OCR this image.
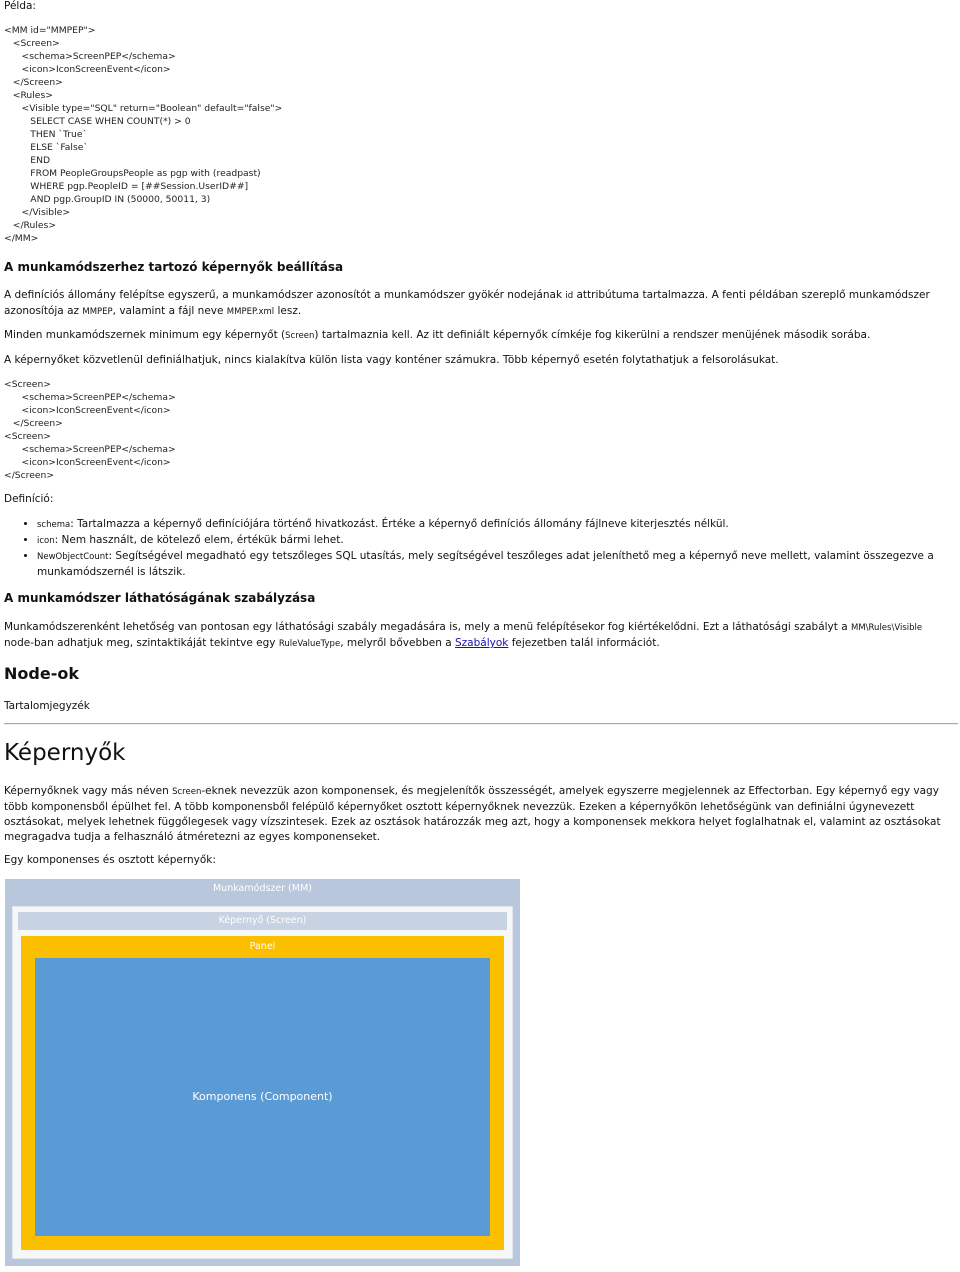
Példa:
<MM id="MMPEP">
<Screen>
<schema>ScreenPEP</schema>
<icon>IconScreenEvent</icon>
</Screen>
<Rules>
<Visible type="SQL" return="Boolean" default="false">
SELECT CASE WHEN COUNT(*) > 0
THEN `True`
ELSE `False`
END
FROM PeopleGroupsPeople as pgp with (readpast)
WHERE pgp.PeopleID = [##Session.UserID##]
AND pgp.GroupID IN (50000, 50011, 3)
</Visible>
</Rules>
</MM>
A munkamódszerhez tartozó képernyők beállítása
A definíciós állomány felépítse egyszerű, a munkamódszer azonosítót a munkamódszer gyökér nodejának id attribútuma tartalmazza. A fenti példában szereplő munkamódszer azonosítója az MMPEP, valamint a fájl neve MMPEP.xml lesz.
Minden munkamódszernek minimum egy képernyőt (Screen) tartalmaznia kell. Az itt definiált képernyők címkéje fog kikerülni a rendszer menüjének második sorába.
A képernyőket közvetlenül definiálhatjuk, nincs kialakítva külön lista vagy konténer számukra. Több képernyő esetén folytathatjuk a felsorolásukat.
<Screen>
<schema>ScreenPEP</schema>
<icon>IconScreenEvent</icon>
</Screen>
<Screen>
<schema>ScreenPEP</schema>
<icon>IconScreenEvent</icon>
</Screen>
Definíció:
• schema: Tartalmazza a képernyő definíciójára történő hivatkozást. Értéke a képernyő definíciós állomány fájlneve kiterjesztés nélkül.
• icon: Nem használt, de kötelező elem, értékük bármi lehet.
• NewObjectCount: Segítségével megadható egy tetszőleges SQL utasítás, mely segítségével teszőleges adat jeleníthető meg a képernyő neve mellett, valamint összegezve a munkamódszernél is látszik.
A munkamódszer láthatóságának szabályzása
Munkamódszerenként lehetőség van pontosan egy láthatósági szabály megadására is, mely a menü felépítésekor fog kiértékelődni. Ezt a láthatósági szabályt a MM\Rules\Visible node-ban adhatjuk meg, szintaktikáját tekintve egy RuleValueType, melyről bővebben a Szabályok fejezetben talál információt.
Node-ok
Tartalomjegyzék
Képernyők
Képernyőknek vagy más néven Screen-eknek nevezzük azon komponensek, és megjelenítők összességét, amelyek egyszerre megjelennek az Effectorban. Egy képernyő egy vagy több komponensből épülhet fel. A több komponensből felépülő képernyőket osztott képernyőknek nevezzük. Ezeken a képernyőkön lehetőségünk van definiálni úgynevezett osztásokat, melyek lehetnek függőlegesek vagy vízszintesek. Ezek az osztások határozzák meg azt, hogy a komponensek mekkora helyet foglalhatnak el, valamint az osztásokat megragadva tudja a felhasználó átméretezni az egyes komponenseket.
Egy komponenses és osztott képernyők:
Munkamódszer (MM)
Képernyő (Screen)
Panel
Komponens (Component)
